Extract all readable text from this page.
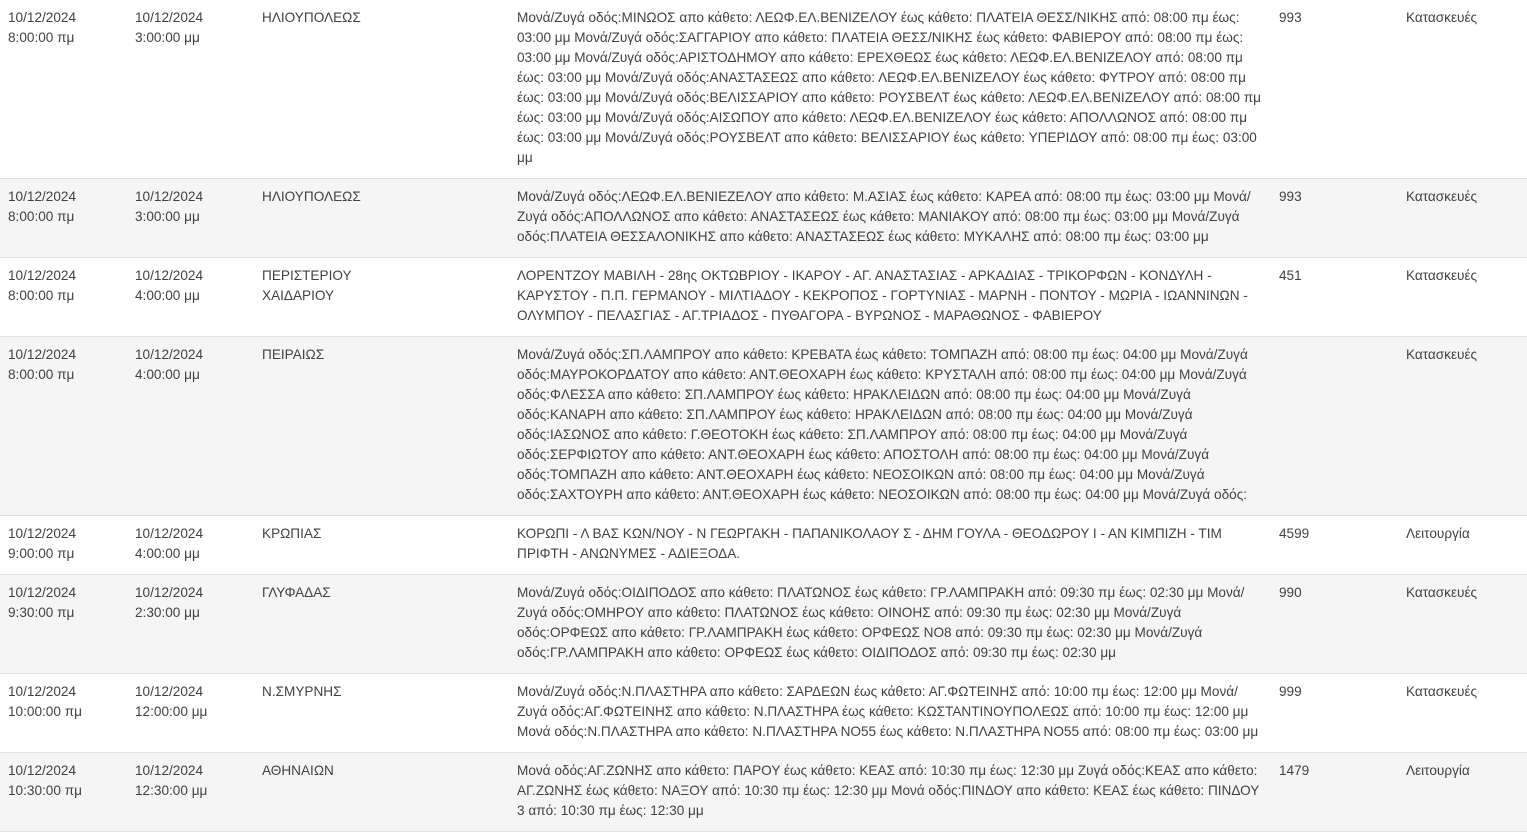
10/12/2024
8:00:00 πμ	10/12/2024
3:00:00 μμ	ΗΛΙΟΥΠΟΛΕΩΣ	Μονά/Ζυγά οδός:ΜΙΝΩΟΣ απο κάθετο: ΛΕΩΦ.ΕΛ.ΒΕΝΙΖΕΛΟΥ έως κάθετο: ΠΛΑΤΕΙΑ ΘΕΣΣ/ΝΙΚΗΣ από: 08:00 πμ έως: 03:00 μμ Μονά/Ζυγά οδός:ΣΑΓΓΑΡΙΟΥ απο κάθετο: ΠΛΑΤΕΙΑ ΘΕΣΣ/ΝΙΚΗΣ έως κάθετο: ΦΑΒΙΕΡΟΥ από: 08:00 πμ έως: 03:00 μμ Μονά/Ζυγά οδός:ΑΡΙΣΤΟΔΗΜΟΥ απο κάθετο: ΕΡΕΧΘΕΩΣ έως κάθετο: ΛΕΩΦ.ΕΛ.ΒΕΝΙΖΕΛΟΥ από: 08:00 πμ έως: 03:00 μμ Μονά/Ζυγά οδός:ΑΝΑΣΤΑΣΕΩΣ απο κάθετο: ΛΕΩΦ.ΕΛ.ΒΕΝΙΖΕΛΟΥ έως κάθετο: ΦΥΤΡΟΥ από: 08:00 πμ έως: 03:00 μμ Μονά/Ζυγά οδός:ΒΕΛΙΣΣΑΡΙΟΥ απο κάθετο: ΡΟΥΣΒΕΛΤ έως κάθετο: ΛΕΩΦ.ΕΛ.ΒΕΝΙΖΕΛΟΥ από: 08:00 πμ έως: 03:00 μμ Μονά/Ζυγά οδός:ΑΙΣΩΠΟΥ απο κάθετο: ΛΕΩΦ.ΕΛ.ΒΕΝΙΖΕΛΟΥ έως κάθετο: ΑΠΟΛΛΩΝΟΣ από: 08:00 πμ έως: 03:00 μμ Μονά/Ζυγά οδός:ΡΟΥΣΒΕΛΤ απο κάθετο: ΒΕΛΙΣΣΑΡΙΟΥ έως κάθετο: ΥΠΕΡΙΔΟΥ από: 08:00 πμ έως: 03:00 μμ	993	Κατασκευές

10/12/2024
8:00:00 πμ	10/12/2024
3:00:00 μμ	ΗΛΙΟΥΠΟΛΕΩΣ	Μονά/Ζυγά οδός:ΛΕΩΦ.ΕΛ.ΒΕΝΙΕΖΕΛΟΥ απο κάθετο: Μ.ΑΣΙΑΣ έως κάθετο: ΚΑΡΕΑ από: 08:00 πμ έως: 03:00 μμ Μονά/Ζυγά οδός:ΑΠΟΛΛΩΝΟΣ απο κάθετο: ΑΝΑΣΤΑΣΕΩΣ έως κάθετο: ΜΑΝΙΑΚΟΥ από: 08:00 πμ έως: 03:00 μμ Μονά/Ζυγά οδός:ΠΛΑΤΕΙΑ ΘΕΣΣΑΛΟΝΙΚΗΣ απο κάθετο: ΑΝΑΣΤΑΣΕΩΣ έως κάθετο: ΜΥΚΑΛΗΣ από: 08:00 πμ έως: 03:00 μμ	993	Κατασκευές

10/12/2024
8:00:00 πμ	10/12/2024
4:00:00 μμ	ΠΕΡΙΣΤΕΡΙΟΥ ΧΑΙΔΑΡΙΟΥ	ΛΟΡΕΝΤΖΟΥ ΜΑΒΙΛΗ - 28ης ΟΚΤΩΒΡΙΟΥ - ΙΚΑΡΟΥ - ΑΓ. ΑΝΑΣΤΑΣΙΑΣ - ΑΡΚΑΔΙΑΣ - ΤΡΙΚΟΡΦΩΝ - ΚΟΝΔΥΛΗ - ΚΑΡΥΣΤΟΥ - Π.Π. ΓΕΡΜΑΝΟΥ - ΜΙΛΤΙΑΔΟΥ - ΚΕΚΡΟΠΟΣ - ΓΟΡΤΥΝΙΑΣ - ΜΑΡΝΗ - ΠΟΝΤΟΥ - ΜΩΡΙΑ - ΙΩΑΝΝΙΝΩΝ - ΟΛΥΜΠΟΥ - ΠΕΛΑΣΓΙΑΣ - ΑΓ.ΤΡΙΑΔΟΣ - ΠΥΘΑΓΟΡΑ - ΒΥΡΩΝΟΣ - ΜΑΡΑΘΩΝΟΣ - ΦΑΒΙΕΡΟΥ	451	Κατασκευές

10/12/2024
8:00:00 πμ	10/12/2024
4:00:00 μμ	ΠΕΙΡΑΙΩΣ	Μονά/Ζυγά οδός:ΣΠ.ΛΑΜΠΡΟΥ απο κάθετο: ΚΡΕΒΑΤΑ έως κάθετο: ΤΟΜΠΑΖΗ από: 08:00 πμ έως: 04:00 μμ Μονά/Ζυγά οδός:ΜΑΥΡΟΚΟΡΔΑΤΟΥ απο κάθετο: ΑΝΤ.ΘΕΟΧΑΡΗ έως κάθετο: ΚΡΥΣΤΑΛΗ από: 08:00 πμ έως: 04:00 μμ Μονά/Ζυγά οδός:ΦΛΕΣΣΑ απο κάθετο: ΣΠ.ΛΑΜΠΡΟΥ έως κάθετο: ΗΡΑΚΛΕΙΔΩΝ από: 08:00 πμ έως: 04:00 μμ Μονά/Ζυγά οδός:ΚΑΝΑΡΗ απο κάθετο: ΣΠ.ΛΑΜΠΡΟΥ έως κάθετο: ΗΡΑΚΛΕΙΔΩΝ από: 08:00 πμ έως: 04:00 μμ Μονά/Ζυγά οδός:ΙΑΣΩΝΟΣ απο κάθετο: Γ.ΘΕΟΤΟΚΗ έως κάθετο: ΣΠ.ΛΑΜΠΡΟΥ από: 08:00 πμ έως: 04:00 μμ Μονά/Ζυγά οδός:ΣΕΡΦΙΩΤΟΥ απο κάθετο: ΑΝΤ.ΘΕΟΧΑΡΗ έως κάθετο: ΑΠΟΣΤΟΛΗ από: 08:00 πμ έως: 04:00 μμ Μονά/Ζυγά οδός:ΤΟΜΠΑΖΗ απο κάθετο: ΑΝΤ.ΘΕΟΧΑΡΗ έως κάθετο: ΝΕΟΣΟΙΚΩΝ από: 08:00 πμ έως: 04:00 μμ Μονά/Ζυγά οδός:ΣΑΧΤΟΥΡΗ απο κάθετο: ΑΝΤ.ΘΕΟΧΑΡΗ έως κάθετο: ΝΕΟΣΟΙΚΩΝ από: 08:00 πμ έως: 04:00 μμ Μονά/Ζυγά οδός:		Κατασκευές

10/12/2024
9:00:00 πμ	10/12/2024
4:00:00 μμ	ΚΡΩΠΙΑΣ	ΚΟΡΩΠΙ - Λ ΒΑΣ ΚΩΝ/ΝΟΥ - Ν ΓΕΩΡΓΑΚΗ - ΠΑΠΑΝΙΚΟΛΑΟΥ Σ - ΔΗΜ ΓΟΥΛΑ - ΘΕΟΔΩΡΟΥ Ι - ΑΝ ΚΙΜΠΙΖΗ - ΤΙΜ ΠΡΙΦΤΗ - ΑΝΩΝΥΜΕΣ - ΑΔΙΕΞΟΔΑ.	4599	Λειτουργία

10/12/2024
9:30:00 πμ	10/12/2024
2:30:00 μμ	ΓΛΥΦΑΔΑΣ	Μονά/Ζυγά οδός:ΟΙΔΙΠΟΔΟΣ απο κάθετο: ΠΛΑΤΩΝΟΣ έως κάθετο: ΓΡ.ΛΑΜΠΡΑΚΗ από: 09:30 πμ έως: 02:30 μμ Μονά/Ζυγά οδός:ΟΜΗΡΟΥ απο κάθετο: ΠΛΑΤΩΝΟΣ έως κάθετο: ΟΙΝΟΗΣ από: 09:30 πμ έως: 02:30 μμ Μονά/Ζυγά οδός:ΟΡΦΕΩΣ απο κάθετο: ΓΡ.ΛΑΜΠΡΑΚΗ έως κάθετο: ΟΡΦΕΩΣ ΝΟ8 από: 09:30 πμ έως: 02:30 μμ Μονά/Ζυγά οδός:ΓΡ.ΛΑΜΠΡΑΚΗ απο κάθετο: ΟΡΦΕΩΣ έως κάθετο: ΟΙΔΙΠΟΔΟΣ από: 09:30 πμ έως: 02:30 μμ	990	Κατασκευές

10/12/2024
10:00:00 πμ	10/12/2024
12:00:00 μμ	Ν.ΣΜΥΡΝΗΣ	Μονά/Ζυγά οδός:Ν.ΠΛΑΣΤΗΡΑ απο κάθετο: ΣΑΡΔΕΩΝ έως κάθετο: ΑΓ.ΦΩΤΕΙΝΗΣ από: 10:00 πμ έως: 12:00 μμ Μονά/Ζυγά οδός:ΑΓ.ΦΩΤΕΙΝΗΣ απο κάθετο: Ν.ΠΛΑΣΤΗΡΑ έως κάθετο: ΚΩΣΤΑΝΤΙΝΟΥΠΟΛΕΩΣ από: 10:00 πμ έως: 12:00 μμ Μονά οδός:Ν.ΠΛΑΣΤΗΡΑ απο κάθετο: Ν.ΠΛΑΣΤΗΡΑ ΝΟ55 έως κάθετο: Ν.ΠΛΑΣΤΗΡΑ ΝΟ55 από: 08:00 πμ έως: 03:00 μμ	999	Κατασκευές

10/12/2024
10:30:00 πμ	10/12/2024
12:30:00 μμ	ΑΘΗΝΑΙΩΝ	Μονά οδός:ΑΓ.ΖΩΝΗΣ απο κάθετο: ΠΑΡΟΥ έως κάθετο: ΚΕΑΣ από: 10:30 πμ έως: 12:30 μμ Ζυγά οδός:ΚΕΑΣ απο κάθετο: ΑΓ.ΖΩΝΗΣ έως κάθετο: ΝΑΞΟΥ από: 10:30 πμ έως: 12:30 μμ Μονά οδός:ΠΙΝΔΟΥ απο κάθετο: ΚΕΑΣ έως κάθετο: ΠΙΝΔΟΥ 3 από: 10:30 πμ έως: 12:30 μμ	1479	Λειτουργία
